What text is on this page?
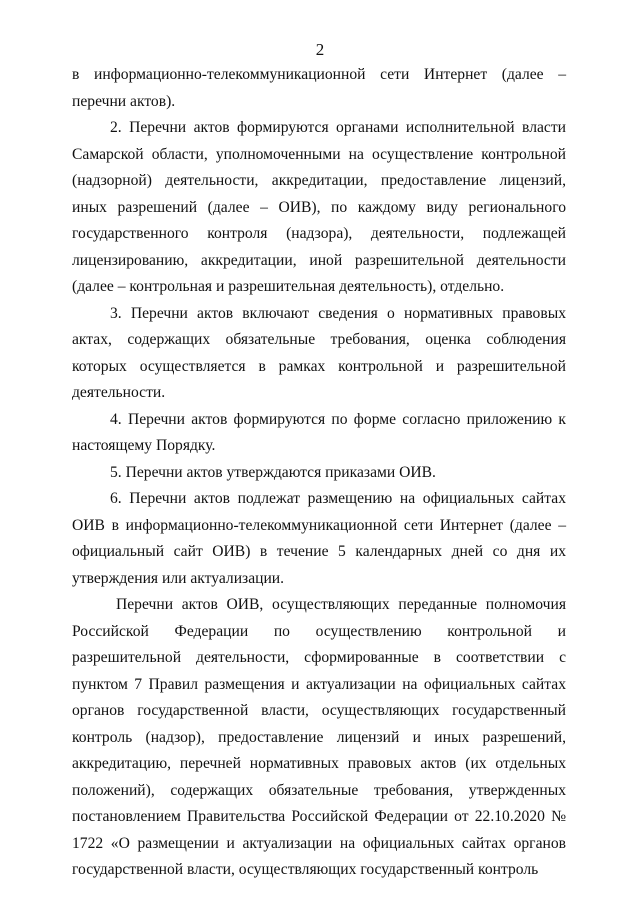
2

в информационно-телекоммуникационной сети Интернет (далее – перечни актов).

2. Перечни актов формируются органами исполнительной власти Самарской области, уполномоченными на осуществление контрольной (надзорной) деятельности, аккредитации, предоставление лицензий, иных разрешений (далее – ОИВ), по каждому виду регионального государственного контроля (надзора), деятельности, подлежащей лицензированию, аккредитации, иной разрешительной деятельности (далее – контрольная и разрешительная деятельность), отдельно.

3. Перечни актов включают сведения о нормативных правовых актах, содержащих обязательные требования, оценка соблюдения которых осуществляется в рамках контрольной и разрешительной деятельности.

4. Перечни актов формируются по форме согласно приложению к настоящему Порядку.

5. Перечни актов утверждаются приказами ОИВ.

6. Перечни актов подлежат размещению на официальных сайтах ОИВ в информационно-телекоммуникационной сети Интернет (далее – официальный сайт ОИВ) в течение 5 календарных дней со дня их утверждения или актуализации.

Перечни актов ОИВ, осуществляющих переданные полномочия Российской Федерации по осуществлению контрольной и разрешительной деятельности, сформированные в соответствии с пунктом 7 Правил размещения и актуализации на официальных сайтах органов государственной власти, осуществляющих государственный контроль (надзор), предоставление лицензий и иных разрешений, аккредитацию, перечней нормативных правовых актов (их отдельных положений), содержащих обязательные требования, утвержденных постановлением Правительства Российской Федерации от 22.10.2020 № 1722 «О размещении и актуализации на официальных сайтах органов государственной власти, осуществляющих государственный контроль
